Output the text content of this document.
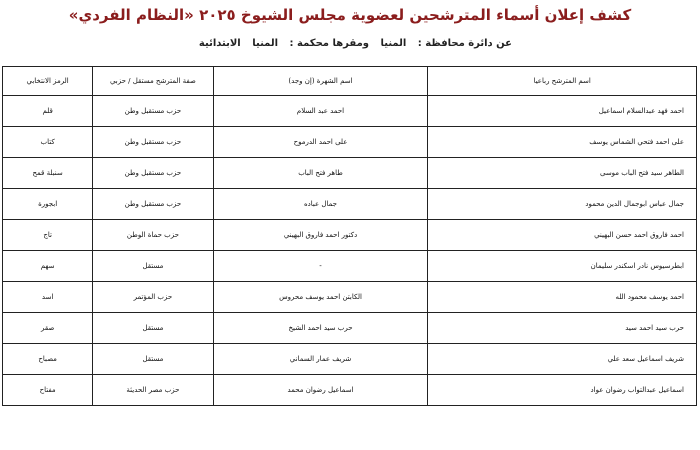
كشف إعلان أسماء المترشحين لعضوية مجلس الشيوخ ٢٠٢٥ «النظام الفردي»
عن دائرة محافظة : المنيا ومقرها محكمة : المنيا الابتدائية
اسم المترشح رباعيا	اسم الشهرة (إن وجد)	صفة المترشح مستقل / حزبي	الرمز الانتخابي
احمد فهد عبدالسلام اسماعيل	احمد عبد السلام	حزب مستقبل وطن	قلم
على احمد فتحي الشماس يوسف	على احمد الدرموح	حزب مستقبل وطن	كتاب
الطاهر سيد فتح الباب موسى	طاهر فتح الباب	حزب مستقبل وطن	سنبلة قمح
جمال عباس ابوجمال الدين محمود	جمال عباده	حزب مستقبل وطن	ابجورة
احمد فاروق احمد حسن البهيني	دكتور احمد فاروق البهيني	حزب حماة الوطن	تاج
ابطرسيوس نادر اسكندر سليمان	-	مستقل	سهم
احمد يوسف محمود الله	الكابتن احمد يوسف محروس	حزب المؤتمر	اسد
حرب سيد احمد سيد	حرب سيد احمد الشيخ	مستقل	صقر
شريف اسماعيل سعد علي	شريف عمار السماني	مستقل	مصباح
اسماعيل عبدالتواب رضوان عواد	اسماعيل رضوان محمد	حزب مصر الحديثة	مفتاح
